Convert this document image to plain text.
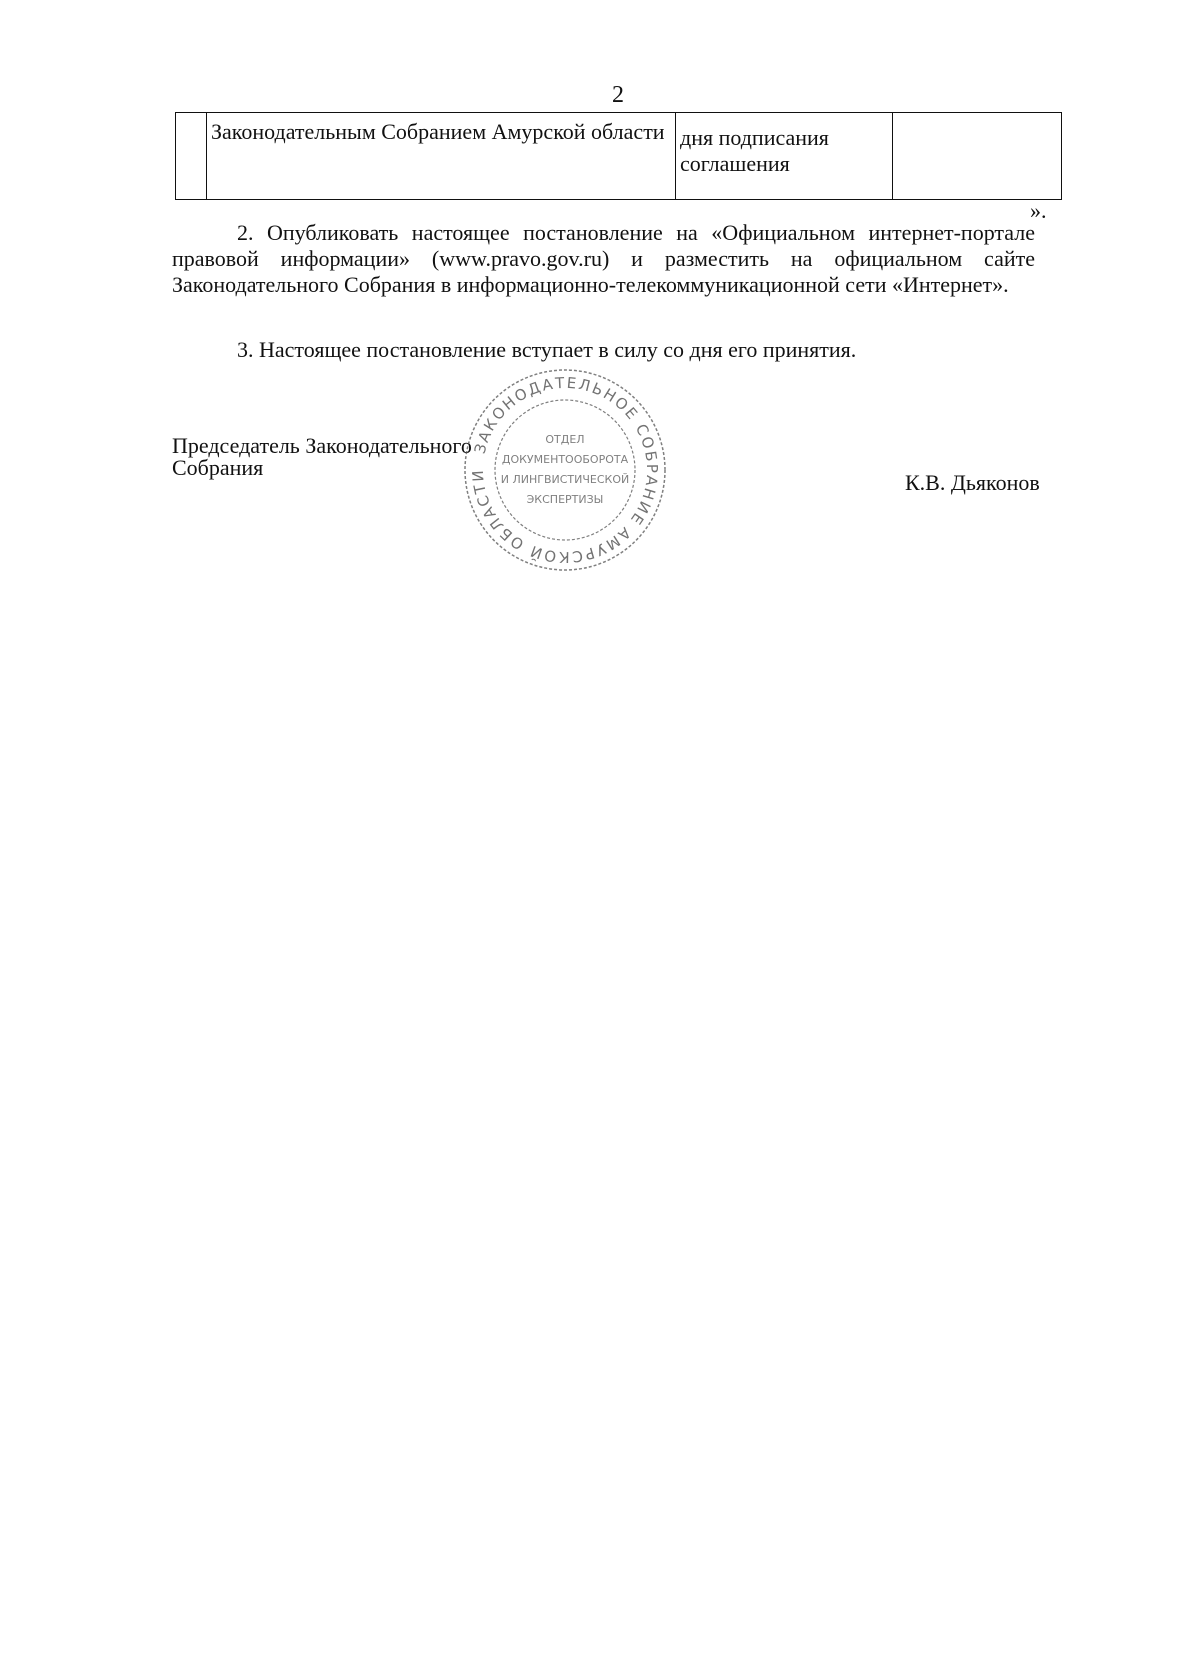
2
	Законодательным Собранием Амурской области	дня подписания соглашения	
».
2. Опубликовать настоящее постановление на «Официальном интернет-портале правовой информации» (www.pravo.gov.ru) и разместить на официальном сайте Законодательного Собрания в информационно-телекоммуникационной сети «Интернет».
3. Настоящее постановление вступает в силу со дня его принятия.
Председатель Законодательного
Собрания
К.В. Дьяконов
ЗАКОНОДАТЕЛЬНОЕ СОБРАНИЕ АМУРСКОЙ ОБЛАСТИ
ОТДЕЛ
ДОКУМЕНТООБОРОТА
И ЛИНГВИСТИЧЕСКОЙ
ЭКСПЕРТИЗЫ
